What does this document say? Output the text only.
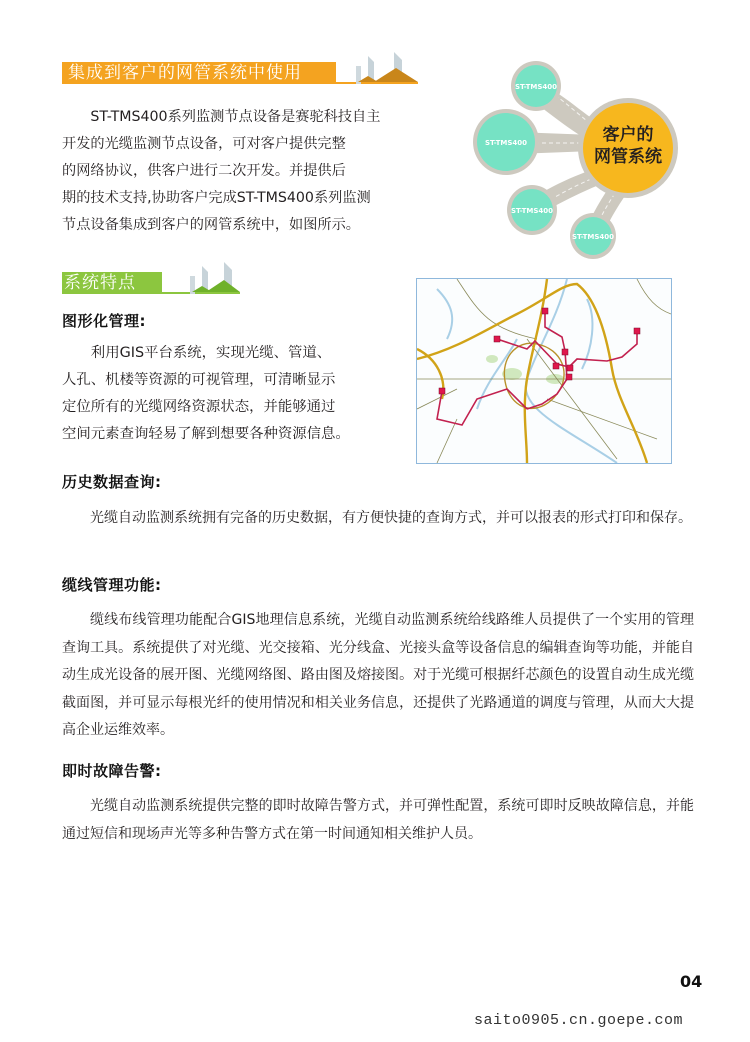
集成到客户的网管系统中使用

ST-TMS400系列监测节点设备是赛驼科技自主

开发的光缆监测节点设备，可对客户提供完整

的网络协议，供客户进行二次开发。并提供后

期的技术支持,协助客户完成ST-TMS400系列监测

节点设备集成到客户的网管系统中，如图所示。

客户的
网管系统
ST-TMS400
ST-TMS400
ST-TMS400
ST-TMS400
系统特点
图形化管理:

利用GIS平台系统，实现光缆、管道、

人孔、机楼等资源的可视管理，可清晰显示

定位所有的光缆网络资源状态，并能够通过

空间元素查询轻易了解到想要各种资源信息。

历史数据查询:
光缆自动监测系统拥有完备的历史数据，有方便快捷的查询方式，并可以报表的形式打印和保存。
缆线管理功能:
缆线布线管理功能配合GIS地理信息系统，光缆自动监测系统给线路维人员提供了一个实用的管理查询工具。系统提供了对光缆、光交接箱、光分线盒、光接头盒等设备信息的编辑查询等功能，并能自动生成光设备的展开图、光缆网络图、路由图及熔接图。对于光缆可根据纤芯颜色的设置自动生成光缆截面图，并可显示每根光纤的使用情况和相关业务信息，还提供了光路通道的调度与管理，从而大大提高企业运维效率。
即时故障告警:
光缆自动监测系统提供完整的即时故障告警方式，并可弹性配置，系统可即时反映故障信息，并能通过短信和现场声光等多种告警方式在第一时间通知相关维护人员。
04
saito0905.cn.goepe.com
